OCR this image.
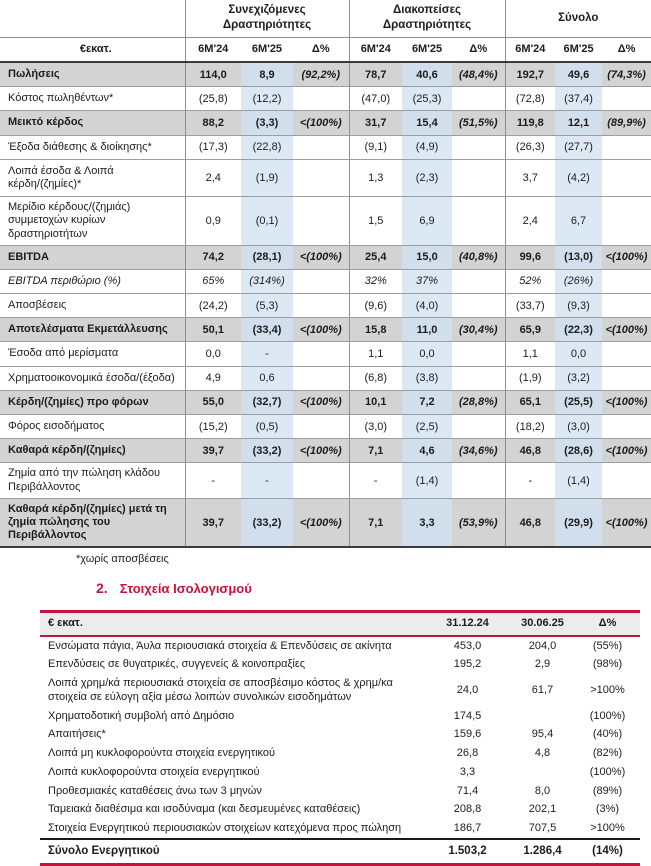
	Συνεχιζόμενες Δραστηριότητες			Διακοπείσες Δραστηριότητες			Σύνολο		
€εκατ.	6M'24	6M'25	Δ%	6M'24	6M'25	Δ%	6M'24	6M'25	Δ%
Πωλήσεις	114,0	8,9	(92,2%)	78,7	40,6	(48,4%)	192,7	49,6	(74,3%)
Κόστος πωληθέντων*	(25,8)	(12,2)		(47,0)	(25,3)		(72,8)	(37,4)	
Μεικτό κέρδος	88,2	(3,3)	<(100%)	31,7	15,4	(51,5%)	119,8	12,1	(89,9%)
Έξοδα διάθεσης & διοίκησης*	(17,3)	(22,8)		(9,1)	(4,9)		(26,3)	(27,7)	
Λοιπά έσοδα & Λοιπά κέρδη/(ζημίες)*	2,4	(1,9)		1,3	(2,3)		3,7	(4,2)	
Μερίδιο κέρδους/(ζημιάς) συμμετοχών κυρίων δραστηριοτήτων	0,9	(0,1)		1,5	6,9		2,4	6,7	
EBITDA	74,2	(28,1)	<(100%)	25,4	15,0	(40,8%)	99,6	(13,0)	<(100%)
EBITDA περιθώριο (%)	65%	(314%)		32%	37%		52%	(26%)	
Αποσβέσεις	(24,2)	(5,3)		(9,6)	(4,0)		(33,7)	(9,3)	
Αποτελέσματα Εκμετάλλευσης	50,1	(33,4)	<(100%)	15,8	11,0	(30,4%)	65,9	(22,3)	<(100%)
Έσοδα από μερίσματα	0,0	-		1,1	0,0		1,1	0,0	
Χρηματοοικονομικά έσοδα/(έξοδα)	4,9	0,6		(6,8)	(3,8)		(1,9)	(3,2)	
Κέρδη/(ζημίες) προ φόρων	55,0	(32,7)	<(100%)	10,1	7,2	(28,8%)	65,1	(25,5)	<(100%)
Φόρος εισοδήματος	(15,2)	(0,5)		(3,0)	(2,5)		(18,2)	(3,0)	
Καθαρά κέρδη/(ζημίες)	39,7	(33,2)	<(100%)	7,1	4,6	(34,6%)	46,8	(28,6)	<(100%)
Ζημία από την πώληση κλάδου Περιβάλλοντος	-	-		-	(1,4)		-	(1,4)	
Καθαρά κέρδη/(ζημίες) μετά τη ζημία πώλησης του Περιβάλλοντος	39,7	(33,2)	<(100%)	7,1	3,3	(53,9%)	46,8	(29,9)	<(100%)
*χωρίς αποσβέσεις
2. Στοιχεία Ισολογισμού
€ εκατ.	31.12.24	30.06.25	Δ%
Ενσώματα πάγια, Άυλα περιουσιακά στοιχεία & Επενδύσεις σε ακίνητα	453,0	204,0	(55%)
Επενδύσεις σε θυγατρικές, συγγενείς & κοινοπραξίες	195,2	2,9	(98%)
Λοιπά χρημ/κά περιουσιακά στοιχεία σε αποσβέσιμο κόστος & χρημ/κα στοιχεία σε εύλογη αξία μέσω λοιπών συνολικών εισοδημάτων	24,0	61,7	>100%
Χρηματοδοτική συμβολή από Δημόσιο	174,5		(100%)
Απαιτήσεις*	159,6	95,4	(40%)
Λοιπά μη κυκλοφορούντα στοιχεία ενεργητικού	26,8	4,8	(82%)
Λοιπά κυκλοφορούντα στοιχεία ενεργητικού	3,3		(100%)
Προθεσμιακές καταθέσεις άνω των 3 μηνών	71,4	8,0	(89%)
Ταμειακά διαθέσιμα και ισοδύναμα (και δεσμευμένες καταθέσεις)	208,8	202,1	(3%)
Στοιχεία Ενεργητικού περιουσιακών στοιχείων κατεχόμενα προς πώληση	186,7	707,5	>100%
Σύνολο Ενεργητικού	1.503,2	1.286,4	(14%)
